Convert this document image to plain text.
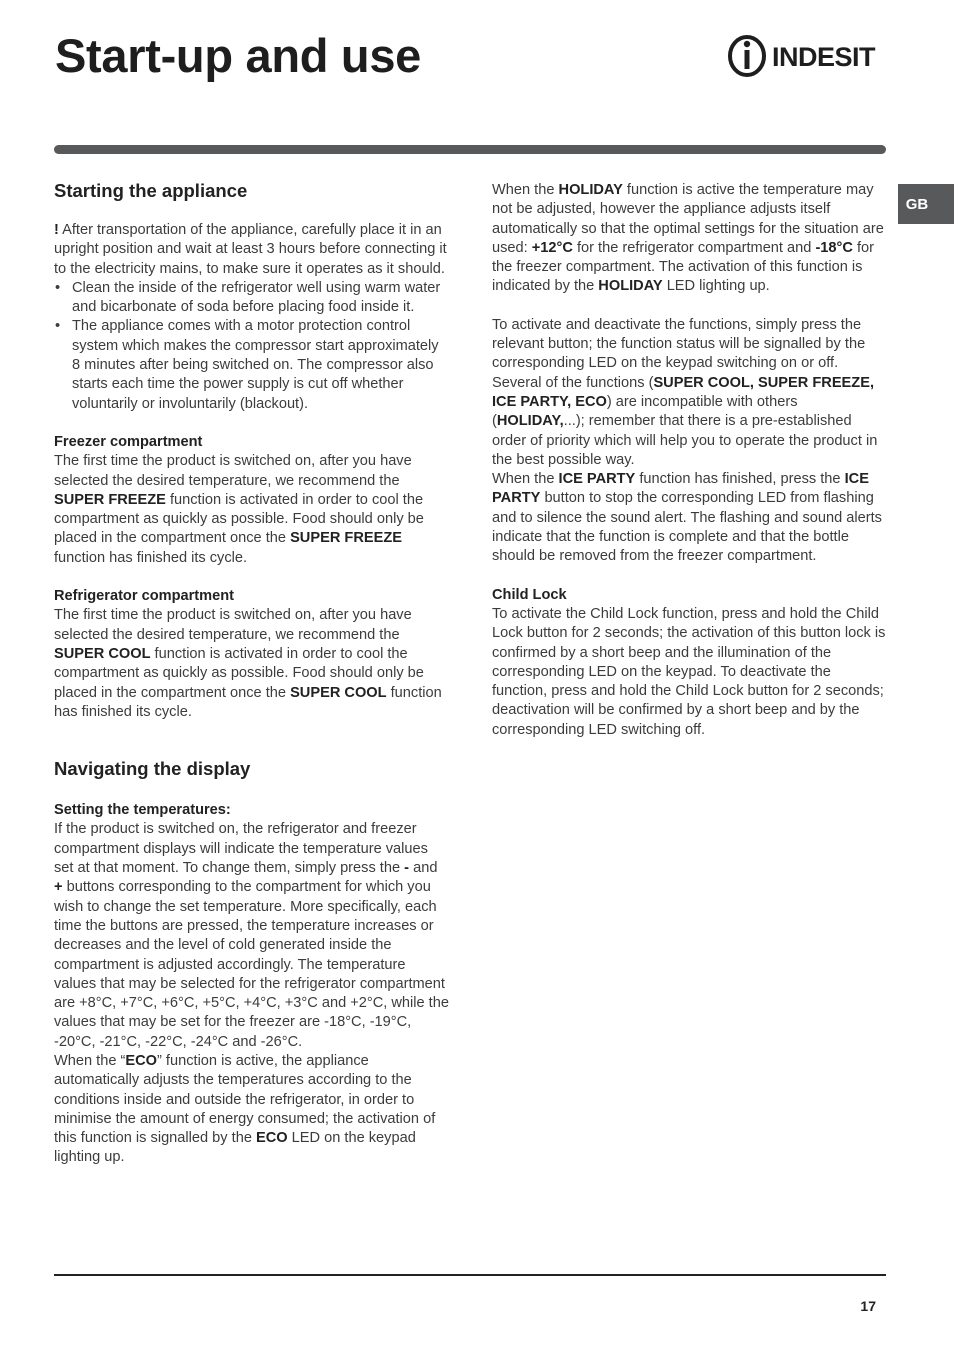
Start-up and use	INDESIT
GB
Starting the appliance

! After transportation of the appliance, carefully place it in an upright position and wait at least 3 hours before connecting it to the electricity mains, to make sure it operates as it should.

• Clean the inside of the refrigerator well using warm water and bicarbonate of soda before placing food inside it.
• The appliance comes with a motor protection control system which makes the compressor start approximately 8 minutes after being switched on. The compressor also starts each time the power supply is cut off whether voluntarily or involuntarily (blackout).

Freezer compartment

The first time the product is switched on, after you have selected the desired temperature, we recommend the SUPER FREEZE function is activated in order to cool the compartment as quickly as possible. Food should only be placed in the compartment once the SUPER FREEZE function has finished its cycle.

Refrigerator compartment

The first time the product is switched on, after you have selected the desired temperature, we recommend the SUPER COOL function is activated in order to cool the compartment as quickly as possible. Food should only be placed in the compartment once the SUPER COOL function has finished its cycle.

Navigating the display

Setting the temperatures:

If the product is switched on, the refrigerator and freezer compartment displays will indicate the temperature values set at that moment. To change them, simply press the - and + buttons corresponding to the compartment for which you wish to change the set temperature. More specifically, each time the buttons are pressed, the temperature increases or decreases and the level of cold generated inside the compartment is adjusted accordingly. The temperature values that may be selected for the refrigerator compartment are +8°C, +7°C, +6°C, +5°C, +4°C, +3°C and +2°C, while the values that may be set for the freezer are -18°C, -19°C, -20°C, -21°C, -22°C, -24°C and -26°C.

When the “ECO” function is active, the appliance automatically adjusts the temperatures according to the conditions inside and outside the refrigerator, in order to minimise the amount of energy consumed; the activation of this function is signalled by the ECO LED on the keypad lighting up.

When the HOLIDAY function is active the temperature may not be adjusted, however the appliance adjusts itself automatically so that the optimal settings for the situation are used: +12°C for the refrigerator compartment and -18°C for the freezer compartment. The activation of this function is indicated by the HOLIDAY LED lighting up.

To activate and deactivate the functions, simply press the relevant button; the function status will be signalled by the corresponding LED on the keypad switching on or off.

Several of the functions (SUPER COOL, SUPER FREEZE, ICE PARTY, ECO) are incompatible with others (HOLIDAY,...); remember that there is a pre-established order of priority which will help you to operate the product in the best possible way.

When the ICE PARTY function has finished, press the ICE PARTY button to stop the corresponding LED from flashing and to silence the sound alert. The flashing and sound alerts indicate that the function is complete and that the bottle should be removed from the freezer compartment.

Child Lock

To activate the Child Lock function, press and hold the Child Lock button for 2 seconds; the activation of this button lock is confirmed by a short beep and the illumination of the corresponding LED on the keypad. To deactivate the function, press and hold the Child Lock button for 2 seconds; deactivation will be confirmed by a short beep and by the corresponding LED switching off.

17
